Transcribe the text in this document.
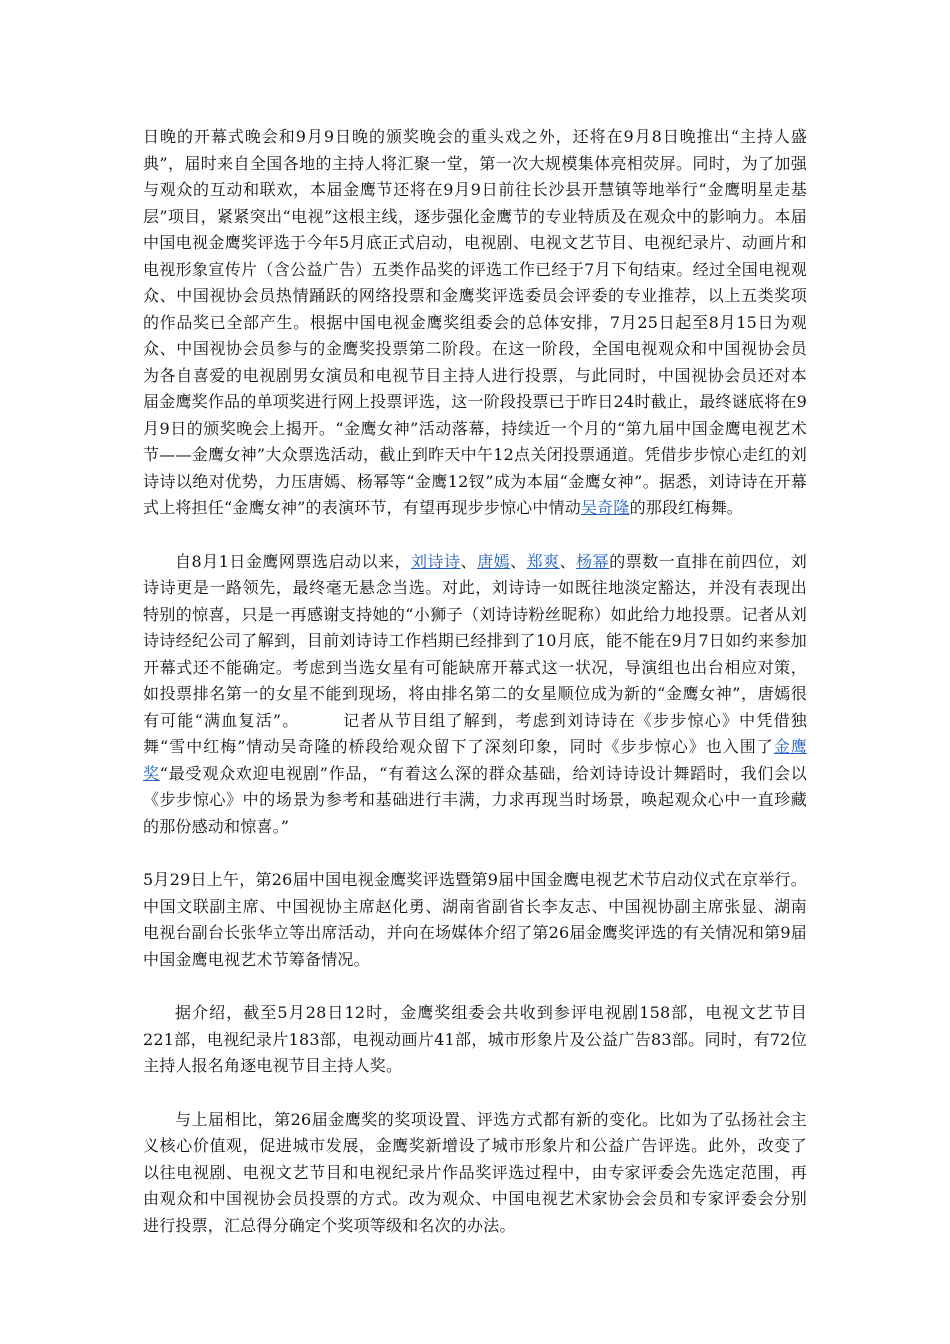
日晚的开幕式晚会和9月9日晚的颁奖晚会的重头戏之外，还将在9月8日晚推出“主持人盛典”，届时来自全国各地的主持人将汇聚一堂，第一次大规模集体亮相荧屏。同时，为了加强与观众的互动和联欢，本届金鹰节还将在9月9日前往长沙县开慧镇等地举行“金鹰明星走基层”项目，紧紧突出“电视”这根主线，逐步强化金鹰节的专业特质及在观众中的影响力。本届中国电视金鹰奖评选于今年5月底正式启动，电视剧、电视文艺节目、电视纪录片、动画片和电视形象宣传片（含公益广告）五类作品奖的评选工作已经于7月下旬结束。经过全国电视观众、中国视协会员热情踊跃的网络投票和金鹰奖评选委员会评委的专业推荐，以上五类奖项的作品奖已全部产生。根据中国电视金鹰奖组委会的总体安排，7月25日起至8月15日为观众、中国视协会员参与的金鹰奖投票第二阶段。在这一阶段，全国电视观众和中国视协会员为各自喜爱的电视剧男女演员和电视节目主持人进行投票，与此同时，中国视协会员还对本届金鹰奖作品的单项奖进行网上投票评选，这一阶段投票已于昨日24时截止，最终谜底将在9月9日的颁奖晚会上揭开。“金鹰女神”活动落幕，持续近一个月的“第九届中国金鹰电视艺术节——金鹰女神”大众票选活动，截止到昨天中午12点关闭投票通道。凭借步步惊心走红的刘诗诗以绝对优势，力压唐嫣、杨幂等“金鹰12钗”成为本届“金鹰女神”。据悉，刘诗诗在开幕式上将担任“金鹰女神”的表演环节，有望再现步步惊心中情动吴奇隆的那段红梅舞。

自8月1日金鹰网票选启动以来，刘诗诗、唐嫣、郑爽、杨幂的票数一直排在前四位，刘诗诗更是一路领先，最终毫无悬念当选。对此，刘诗诗一如既往地淡定豁达，并没有表现出特别的惊喜，只是一再感谢支持她的“小狮子（刘诗诗粉丝昵称）如此给力地投票。记者从刘诗诗经纪公司了解到，目前刘诗诗工作档期已经排到了10月底，能不能在9月7日如约来参加开幕式还不能确定。考虑到当选女星有可能缺席开幕式这一状况，导演组也出台相应对策，如投票排名第一的女星不能到现场，将由排名第二的女星顺位成为新的“金鹰女神”，唐嫣很有可能“满血复活”。　　　记者从节目组了解到，考虑到刘诗诗在《步步惊心》中凭借独舞“雪中红梅”情动吴奇隆的桥段给观众留下了深刻印象，同时《步步惊心》也入围了金鹰奖“最受观众欢迎电视剧”作品，“有着这么深的群众基础，给刘诗诗设计舞蹈时，我们会以《步步惊心》中的场景为参考和基础进行丰满，力求再现当时场景，唤起观众心中一直珍藏的那份感动和惊喜。”

5月29日上午，第26届中国电视金鹰奖评选暨第9届中国金鹰电视艺术节启动仪式在京举行。中国文联副主席、中国视协主席赵化勇、湖南省副省长李友志、中国视协副主席张显、湖南电视台副台长张华立等出席活动，并向在场媒体介绍了第26届金鹰奖评选的有关情况和第9届中国金鹰电视艺术节筹备情况。

据介绍，截至5月28日12时，金鹰奖组委会共收到参评电视剧158部，电视文艺节目221部，电视纪录片183部，电视动画片41部，城市形象片及公益广告83部。同时，有72位主持人报名角逐电视节目主持人奖。

与上届相比，第26届金鹰奖的奖项设置、评选方式都有新的变化。比如为了弘扬社会主义核心价值观，促进城市发展，金鹰奖新增设了城市形象片和公益广告评选。此外，改变了以往电视剧、电视文艺节目和电视纪录片作品奖评选过程中，由专家评委会先选定范围，再由观众和中国视协会员投票的方式。改为观众、中国电视艺术家协会会员和专家评委会分别进行投票，汇总得分确定个奖项等级和名次的办法。
